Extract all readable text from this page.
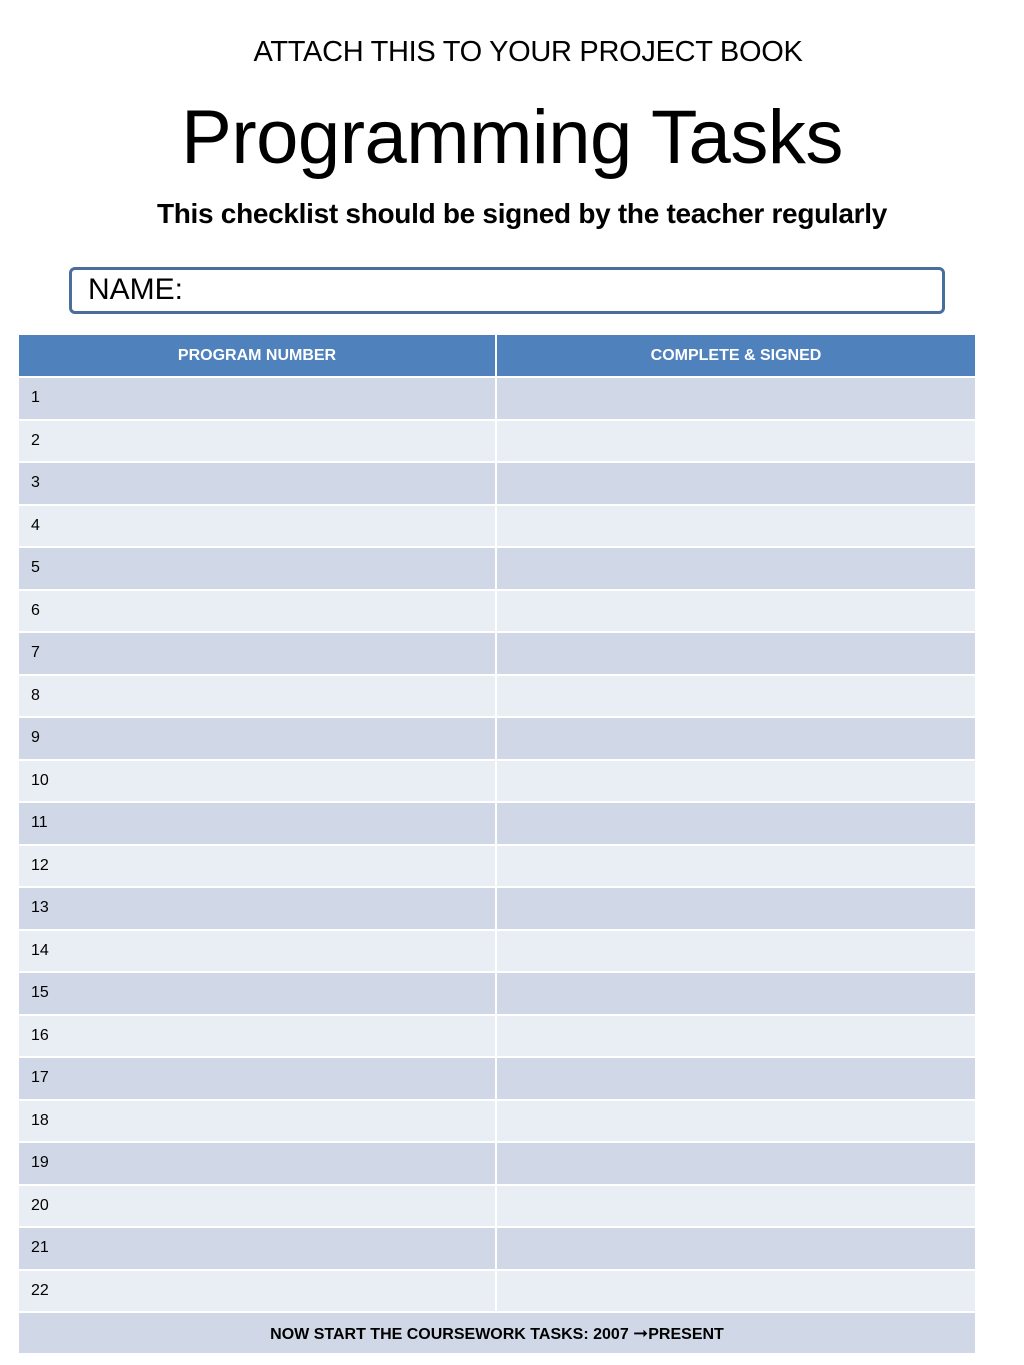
ATTACH THIS TO YOUR PROJECT BOOK
Programming Tasks
This checklist should be signed by the teacher regularly
NAME:
PROGRAM NUMBER	COMPLETE & SIGNED
1	
2	
3	
4	
5	
6	
7	
8	
9	
10	
11	
12	
13	
14	
15	
16	
17	
18	
19	
20	
21	
22	
NOW START THE COURSEWORK TASKS: 2007 ➞PRESENT	
